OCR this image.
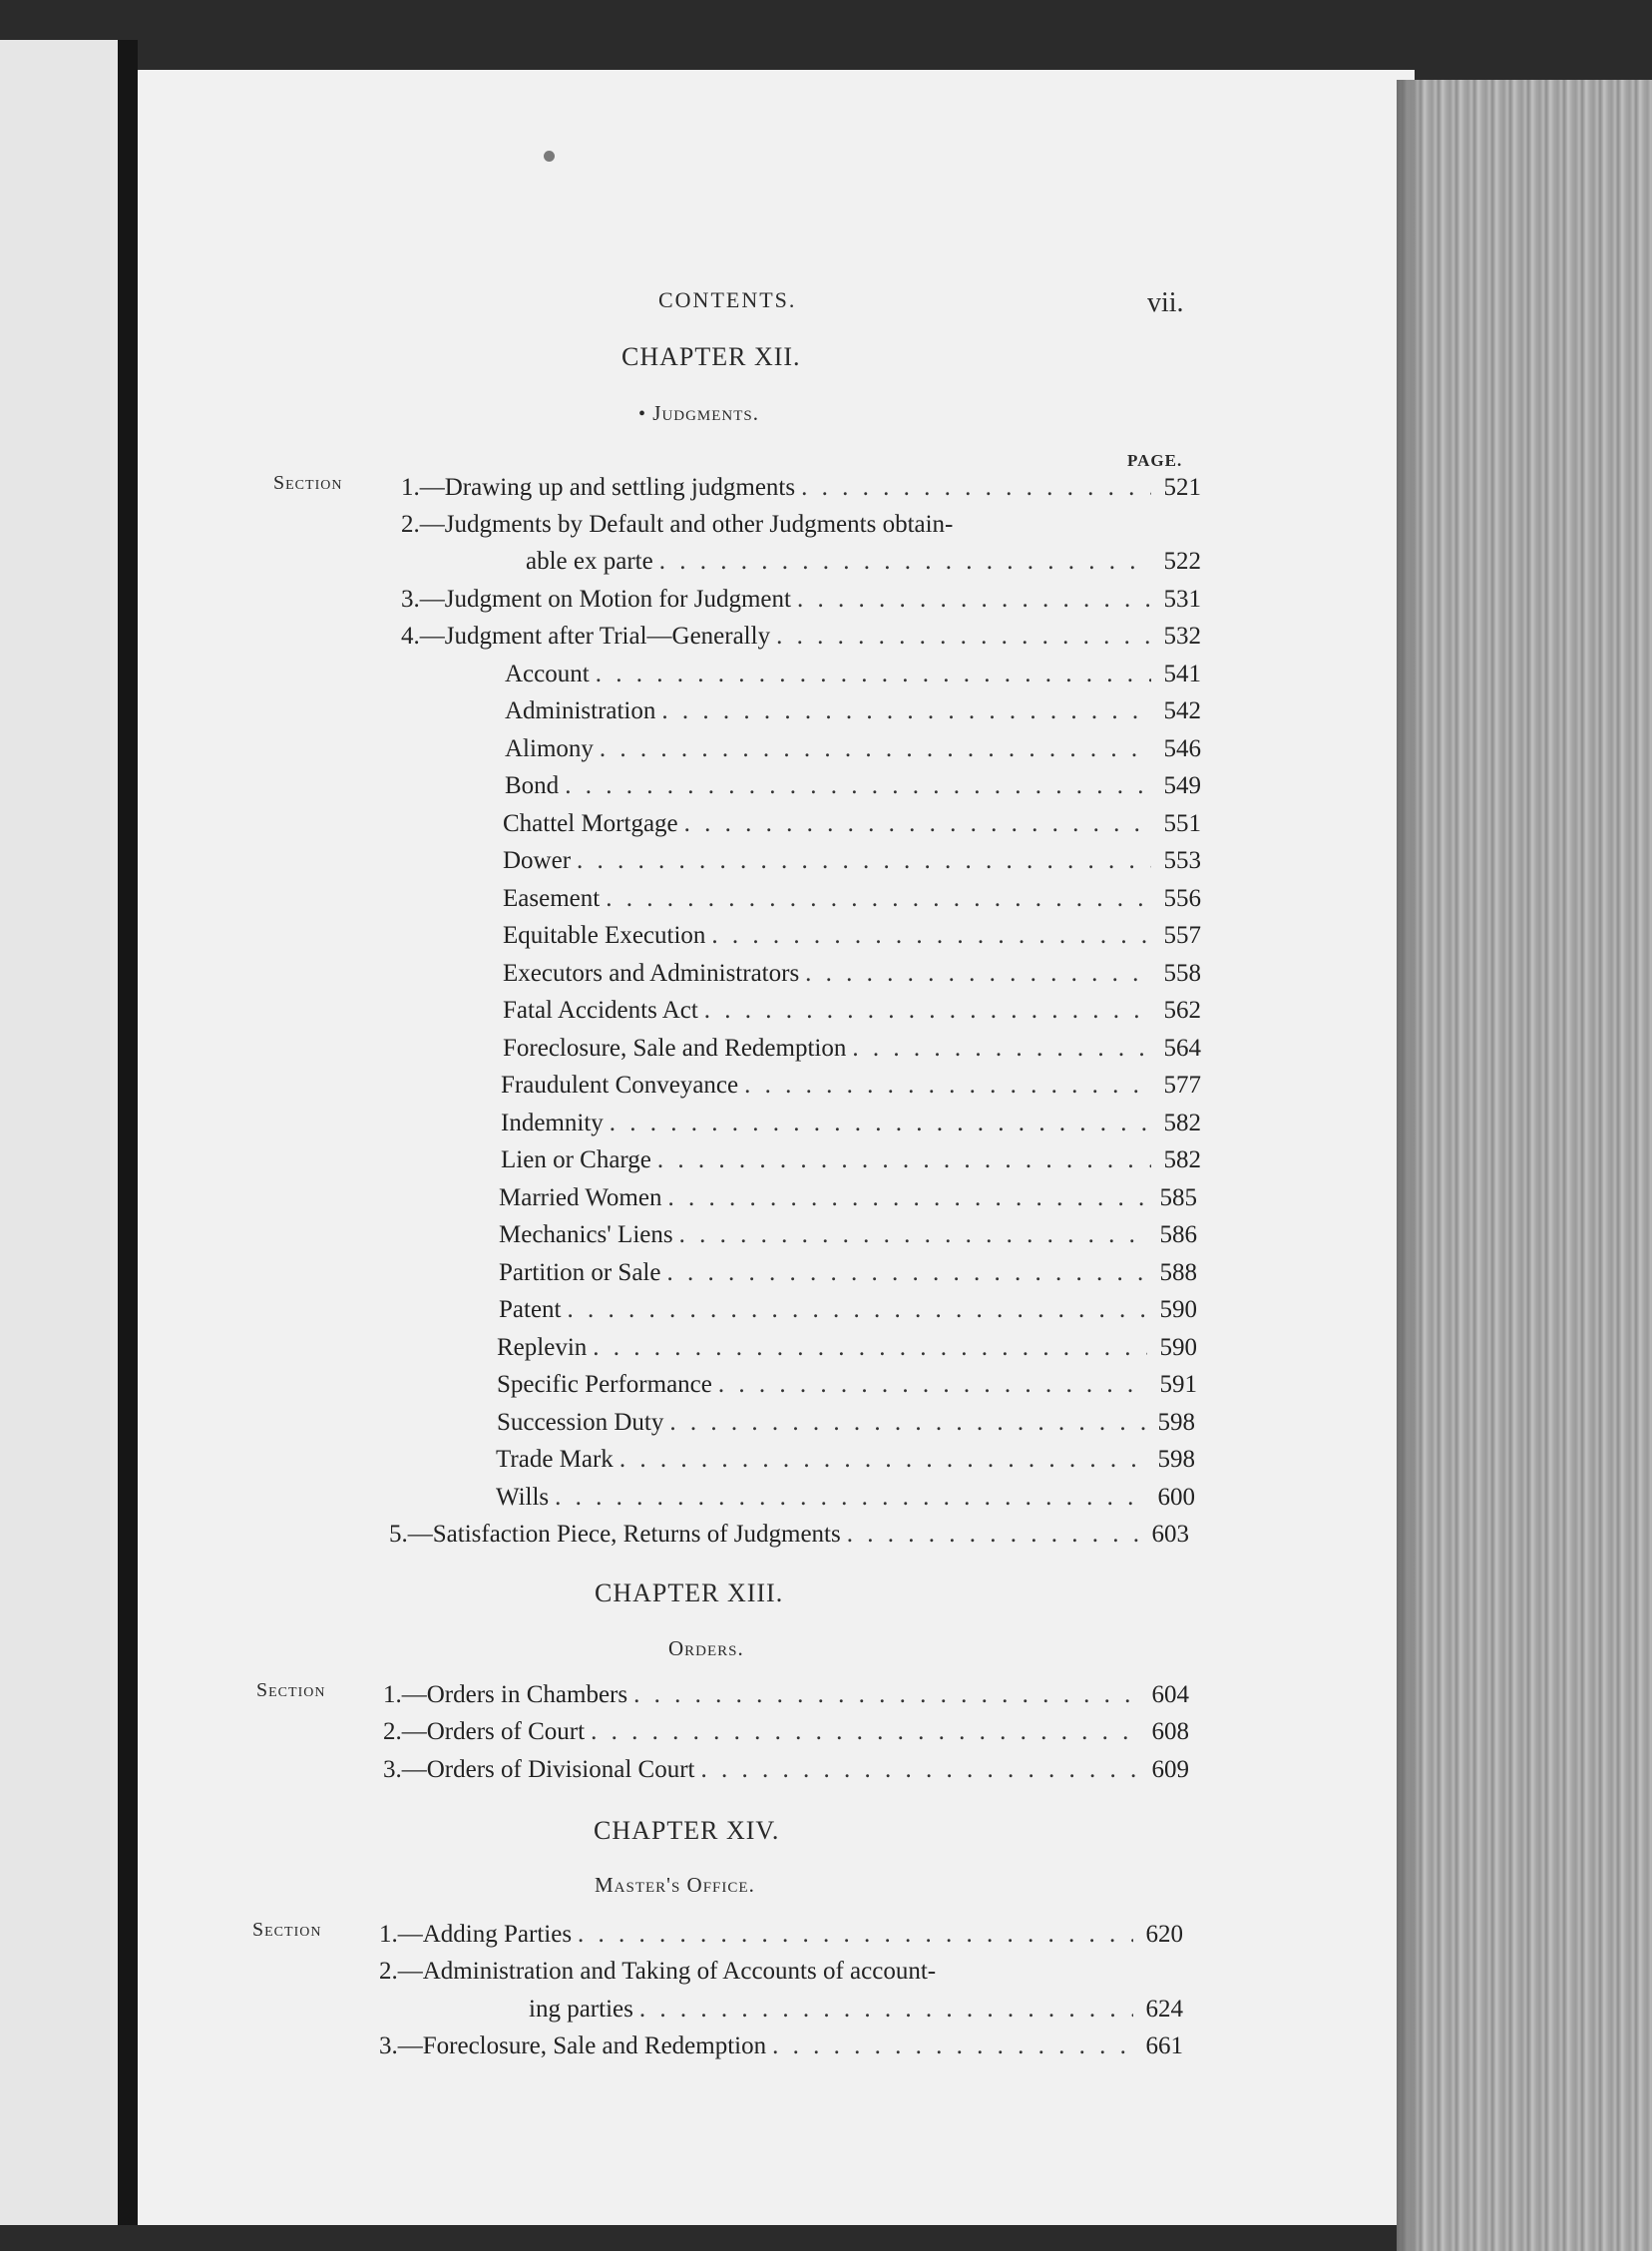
CONTENTS.	vii.
CHAPTER XII.
• Judgments.
PAGE.
Section 1.—Drawing up and settling judgments . . .	521
2.—Judgments by Default and other Judgments obtain-
able ex parte . . .	522
3.—Judgment on Motion for Judgment . . .	531
4.—Judgment after Trial—Generally . . .	532
Account . . .	541
Administration . . .	542
Alimony . . .	546
Bond . . .	549
Chattel Mortgage . . .	551
Dower . . .	553
Easement . . .	556
Equitable Execution . . .	557
Executors and Administrators . . .	558
Fatal Accidents Act . . .	562
Foreclosure, Sale and Redemption . . .	564
Fraudulent Conveyance . . .	577
Indemnity . . .	582
Lien or Charge . . .	582
Married Women . . .	585
Mechanics' Liens . . .	586
Partition or Sale . . .	588
Patent . . .	590
Replevin . . .	590
Specific Performance . . .	591
Succession Duty . . .	598
Trade Mark . . .	598
Wills . . .	600
5.—Satisfaction Piece, Returns of Judgments . . .	603
CHAPTER XIII.
Orders.
Section 1.—Orders in Chambers . . .	604
2.—Orders of Court . . .	608
3.—Orders of Divisional Court . . .	609
CHAPTER XIV.
Master's Office.
Section 1.—Adding Parties . . .	620
2.—Administration and Taking of Accounts of account-
ing parties . . .	624
3.—Foreclosure, Sale and Redemption . . .	661
